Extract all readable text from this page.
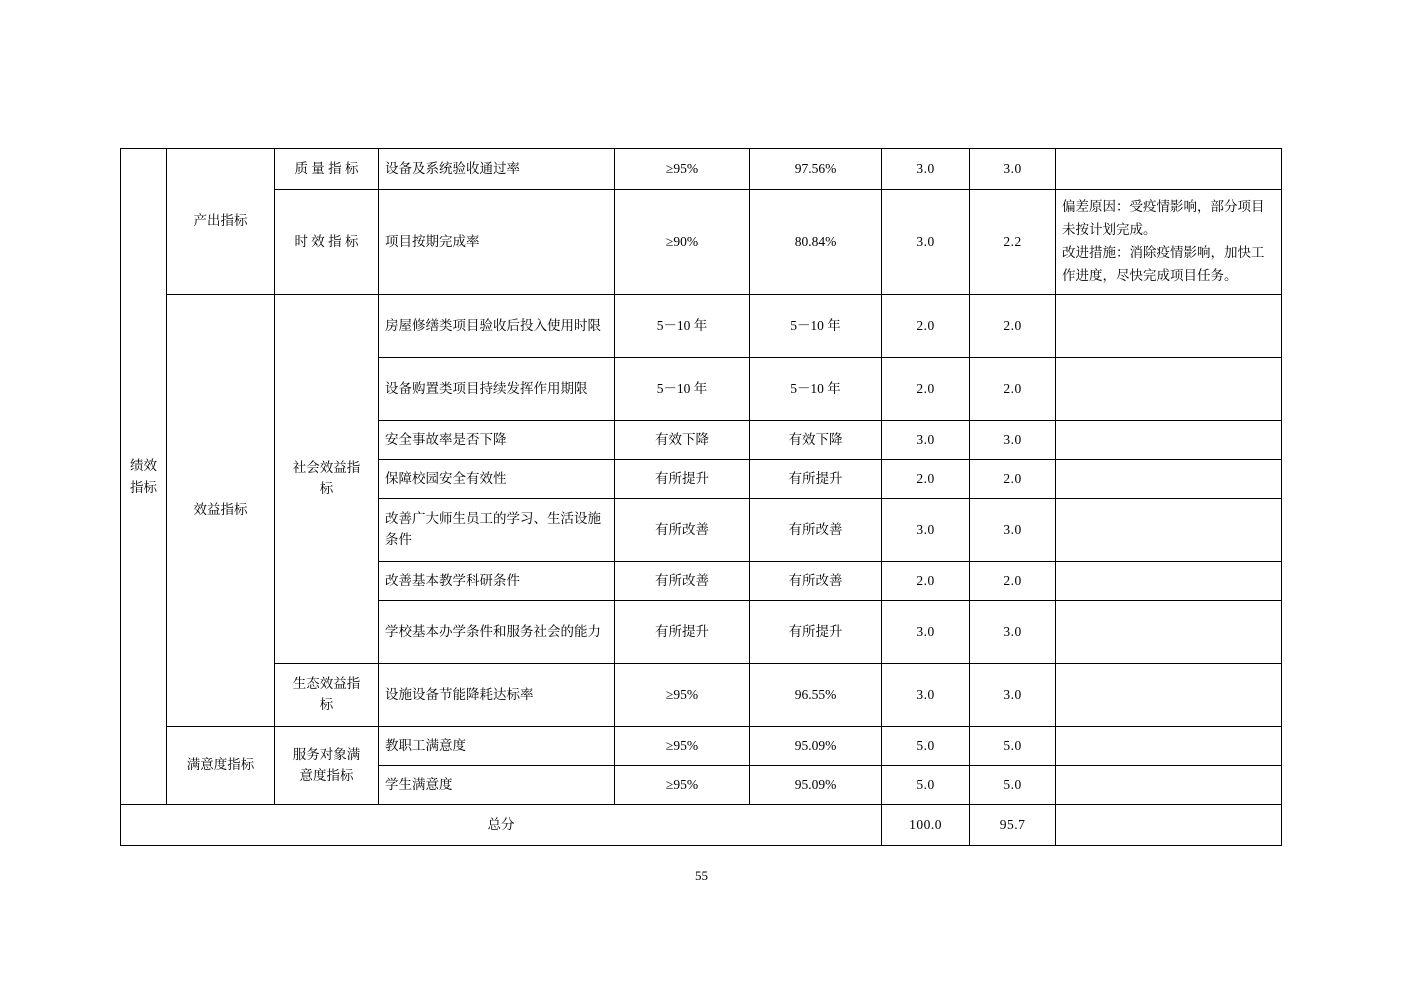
绩效
指标	产出指标	质 量 指 标	设备及系统验收通过率	≥95%	97.56%	3.0	3.0	
		时 效 指 标	项目按期完成率	≥90%	80.84%	3.0	2.2	偏差原因：受疫情影响，部分项目
未按计划完成。
改进措施：消除疫情影响，加快工
作进度，尽快完成项目任务。

	效益指标	社会效益指
标	房屋修缮类项目验收后投入使用时限	5－10 年	5－10 年	2.0	2.0	
			设备购置类项目持续发挥作用期限	5－10 年	5－10 年	2.0	2.0	
			安全事故率是否下降	有效下降	有效下降	3.0	3.0	
			保障校园安全有效性	有所提升	有所提升	2.0	2.0	
			改善广大师生员工的学习、生活设施条件	有所改善	有所改善	3.0	3.0	
			改善基本教学科研条件	有所改善	有所改善	2.0	2.0	
			学校基本办学条件和服务社会的能力	有所提升	有所提升	3.0	3.0	

		生态效益指
标	设施设备节能降耗达标率	≥95%	96.55%	3.0	3.0	
	满意度指标	服务对象满
意度指标	教职工满意度	≥95%	95.09%	5.0	5.0	
			学生满意度	≥95%	95.09%	5.0	5.0	
总分						100.0	95.7	
55
